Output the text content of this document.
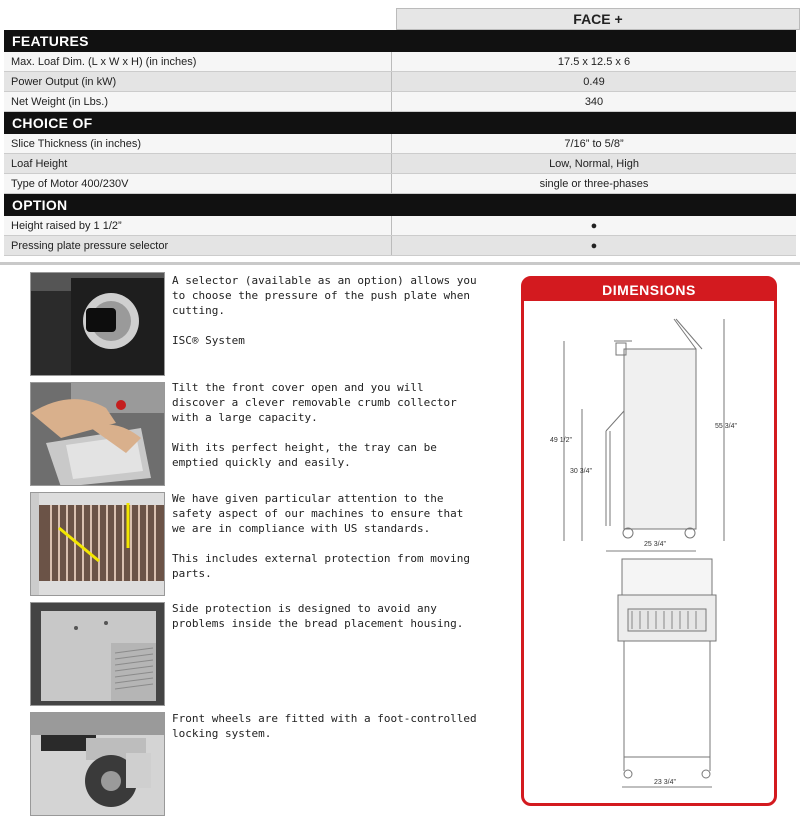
FACE +
FEATURES
Max. Loaf Dim. (L x W x H) (in inches)	17.5 x 12.5 x 6
Power Output (in kW)	0.49
Net Weight (in Lbs.)	340
CHOICE OF
Slice Thickness (in inches)	7/16” to 5/8”
Loaf Height	Low, Normal, High
Type of Motor 400/230V	single or three-phases
OPTION
Height raised by 1 1/2”	●
Pressing plate pressure selector	●

A selector (available as an option) allows you to choose the pressure of the push plate when cutting.

ISC® System

Tilt the front cover open and you will discover a clever removable crumb collector with a large capacity.

With its perfect height, the tray can be emptied quickly and easily.

We have given particular attention to the safety aspect of our machines to ensure that we are in compliance with US standards.

This includes external protection from moving parts.

Side protection is designed to avoid any problems inside the bread placement housing.

Front wheels are fitted with a foot-controlled locking system.

DIMENSIONS
49 1/2”
30 3/4”
55 3/4”
25 3/4”
23 3/4”
